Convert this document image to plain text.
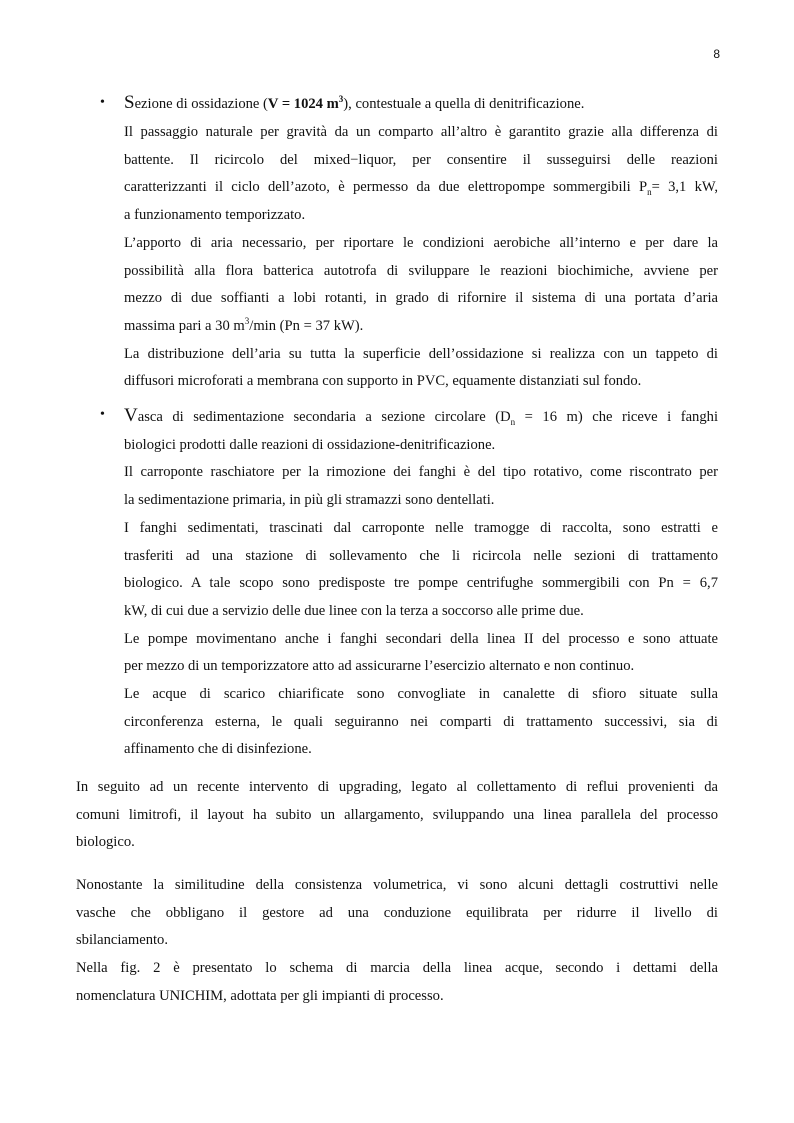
8
• Sezione di ossidazione (V = 1024 $m^3$), contestuale a quella di denitrificazione.
Il passaggio naturale per gravità da un comparto all’altro è garantito grazie alla differenza di
battente. Il ricircolo del mixed−liquor, per consentire il susseguirsi delle reazioni
caratterizzanti il ciclo dell’azoto, è permesso da due elettropompe sommergibili $P_n= 3,1$ kW,
a funzionamento temporizzato.
L’apporto di aria necessario, per riportare le condizioni aerobiche all’interno e per dare la
possibilità alla flora batterica autotrofa di sviluppare le reazioni biochimiche, avviene per
mezzo di due soffianti a lobi rotanti, in grado di rifornire il sistema di una portata d’aria
massima pari a 30 $m^3/\min$ (Pn = 37 kW).
La distribuzione dell’aria su tutta la superficie dell’ossidazione si realizza con un tappeto di
diffusori microforati a membrana con supporto in PVC, equamente distanziati sul fondo.
• Vasca di sedimentazione secondaria a sezione circolare ($D_n = 16$ m) che riceve i fanghi
biologici prodotti dalle reazioni di ossidazione-denitrificazione.
Il carroponte raschiatore per la rimozione dei fanghi è del tipo rotativo, come riscontrato per
la sedimentazione primaria, in più gli stramazzi sono dentellati.
I fanghi sedimentati, trascinati dal carroponte nelle tramogge di raccolta, sono estratti e
trasferiti ad una stazione di sollevamento che li ricircola nelle sezioni di trattamento
biologico. A tale scopo sono predisposte tre pompe centrifughe sommergibili con Pn = 6,7
kW, di cui due a servizio delle due linee con la terza a soccorso alle prime due.
Le pompe movimentano anche i fanghi secondari della linea II del processo e sono attuate
per mezzo di un temporizzatore atto ad assicurarne l’esercizio alternato e non continuo.
Le acque di scarico chiarificate sono convogliate in canalette di sfioro situate sulla
circonferenza esterna, le quali seguiranno nei comparti di trattamento successivi, sia di
affinamento che di disinfezione.
In seguito ad un recente intervento di upgrading, legato al collettamento di reflui provenienti da
comuni limitrofi, il layout ha subito un allargamento, sviluppando una linea parallela del processo
biologico.
Nonostante la similitudine della consistenza volumetrica, vi sono alcuni dettagli costruttivi nelle
vasche che obbligano il gestore ad una conduzione equilibrata per ridurre il livello di
sbilanciamento.
Nella fig. 2 è presentato lo schema di marcia della linea acque, secondo i dettami della
nomenclatura UNICHIM, adottata per gli impianti di processo.
